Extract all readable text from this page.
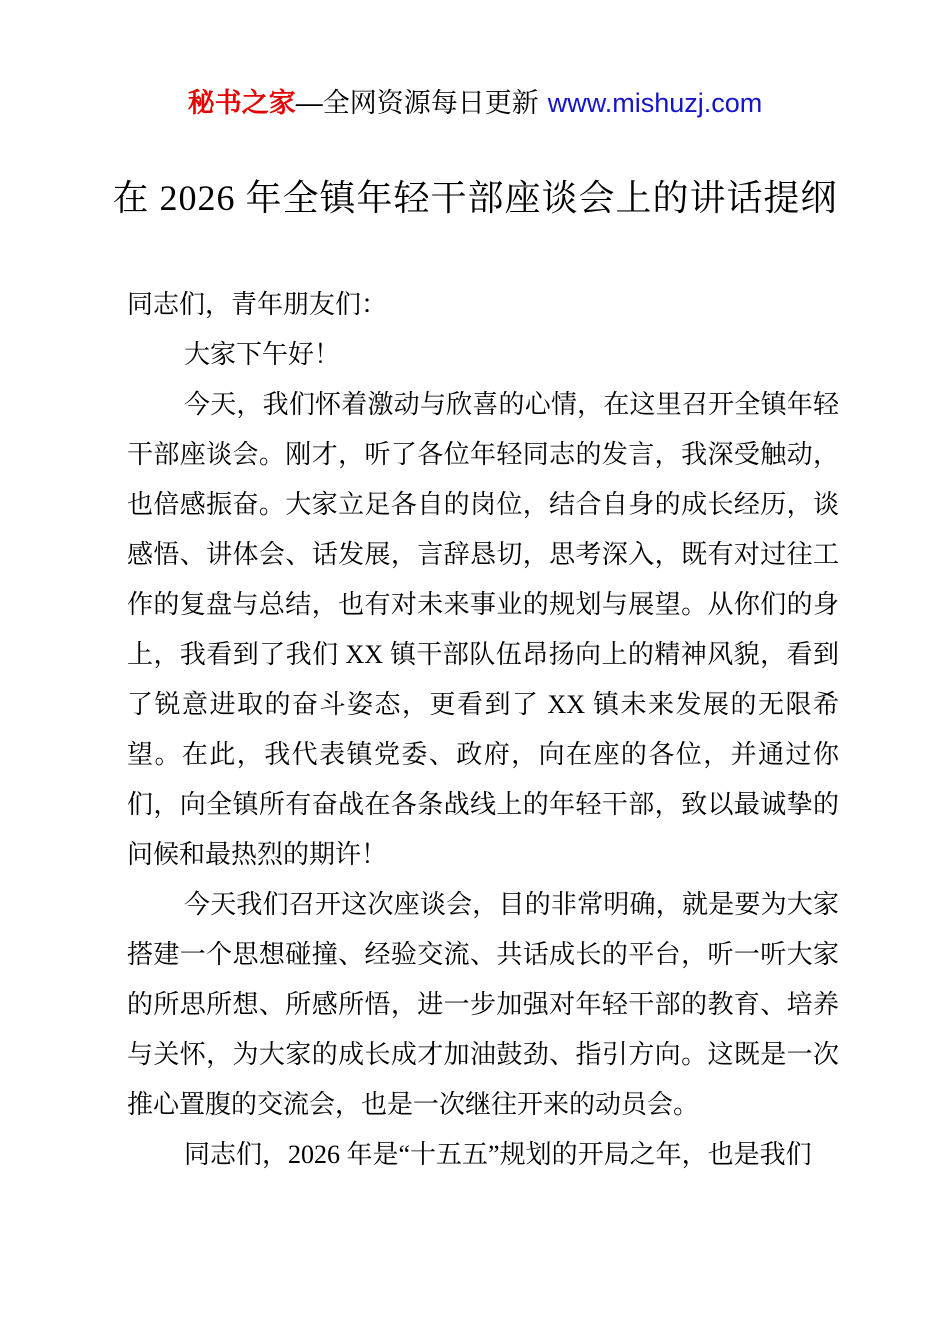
秘书之家—全网资源每日更新 www.mishuzj.com
在 2026 年全镇年轻干部座谈会上的讲话提纲

同志们，青年朋友们：

大家下午好！

今天，我们怀着激动与欣喜的心情，在这里召开全镇年轻干部座谈会。刚才，听了各位年轻同志的发言，我深受触动，也倍感振奋。大家立足各自的岗位，结合自身的成长经历，谈感悟、讲体会、话发展，言辞恳切，思考深入，既有对过往工作的复盘与总结，也有对未来事业的规划与展望。从你们的身上，我看到了我们 XX 镇干部队伍昂扬向上的精神风貌，看到了锐意进取的奋斗姿态，更看到了 XX 镇未来发展的无限希望。在此，我代表镇党委、政府，向在座的各位，并通过你们，向全镇所有奋战在各条战线上的年轻干部，致以最诚挚的问候和最热烈的期许！

今天我们召开这次座谈会，目的非常明确，就是要为大家搭建一个思想碰撞、经验交流、共话成长的平台，听一听大家的所思所想、所感所悟，进一步加强对年轻干部的教育、培养与关怀，为大家的成长成才加油鼓劲、指引方向。这既是一次推心置腹的交流会，也是一次继往开来的动员会。

同志们，2026 年是“十五五”规划的开局之年，也是我们
